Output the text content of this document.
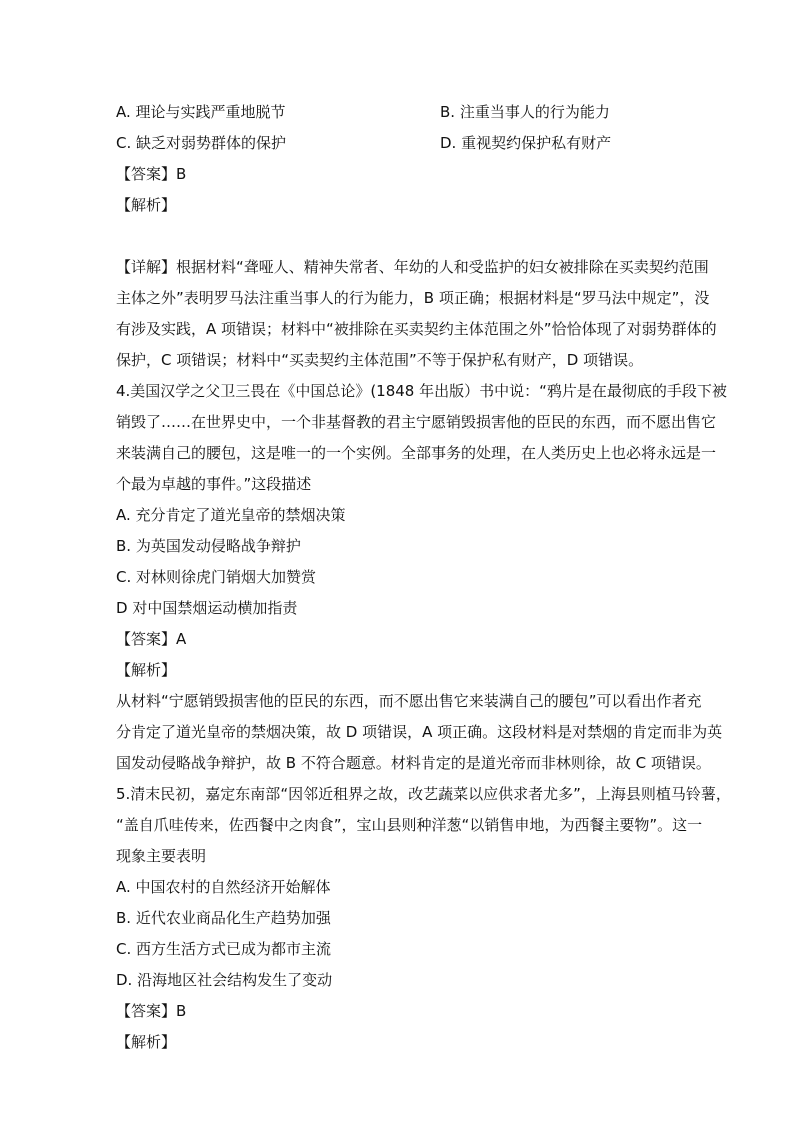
A. 理论与实践严重地脱节	B. 注重当事人的行为能力

C. 缺乏对弱势群体的保护	D. 重视契约保护私有财产

【答案】B

【解析】

【详解】根据材料“聋哑人、精神失常者、年幼的人和受监护的妇女被排除在买卖契约范围

主体之外”表明罗马法注重当事人的行为能力，B 项正确；根据材料是“罗马法中规定”，没

有涉及实践，A 项错误；材料中“被排除在买卖契约主体范围之外”恰恰体现了对弱势群体的

保护，C 项错误；材料中“买卖契约主体范围”不等于保护私有财产，D 项错误。

4.美国汉学之父卫三畏在《中国总论》(1848 年出版）书中说：“鸦片是在最彻底的手段下被

销毁了……在世界史中，一个非基督教的君主宁愿销毁损害他的臣民的东西，而不愿出售它

来装满自己的腰包，这是唯一的一个实例。全部事务的处理，在人类历史上也必将永远是一

个最为卓越的事件。”这段描述

A. 充分肯定了道光皇帝的禁烟决策

B. 为英国发动侵略战争辩护

C. 对林则徐虎门销烟大加赞赏

D 对中国禁烟运动横加指责

【答案】A

【解析】

从材料“宁愿销毁损害他的臣民的东西，而不愿出售它来装满自己的腰包”可以看出作者充

分肯定了道光皇帝的禁烟决策，故 D 项错误，A 项正确。这段材料是对禁烟的肯定而非为英

国发动侵略战争辩护，故 B 不符合题意。材料肯定的是道光帝而非林则徐，故 C 项错误。

5.清末民初，嘉定东南部“因邻近租界之故，改艺蔬菜以应供求者尤多”，上海县则植马铃薯，

“盖自爪哇传来，佐西餐中之肉食”，宝山县则种洋葱“以销售申地，为西餐主要物”。这一

现象主要表明

A. 中国农村的自然经济开始解体

B. 近代农业商品化生产趋势加强

C. 西方生活方式已成为都市主流

D. 沿海地区社会结构发生了变动

【答案】B

【解析】
